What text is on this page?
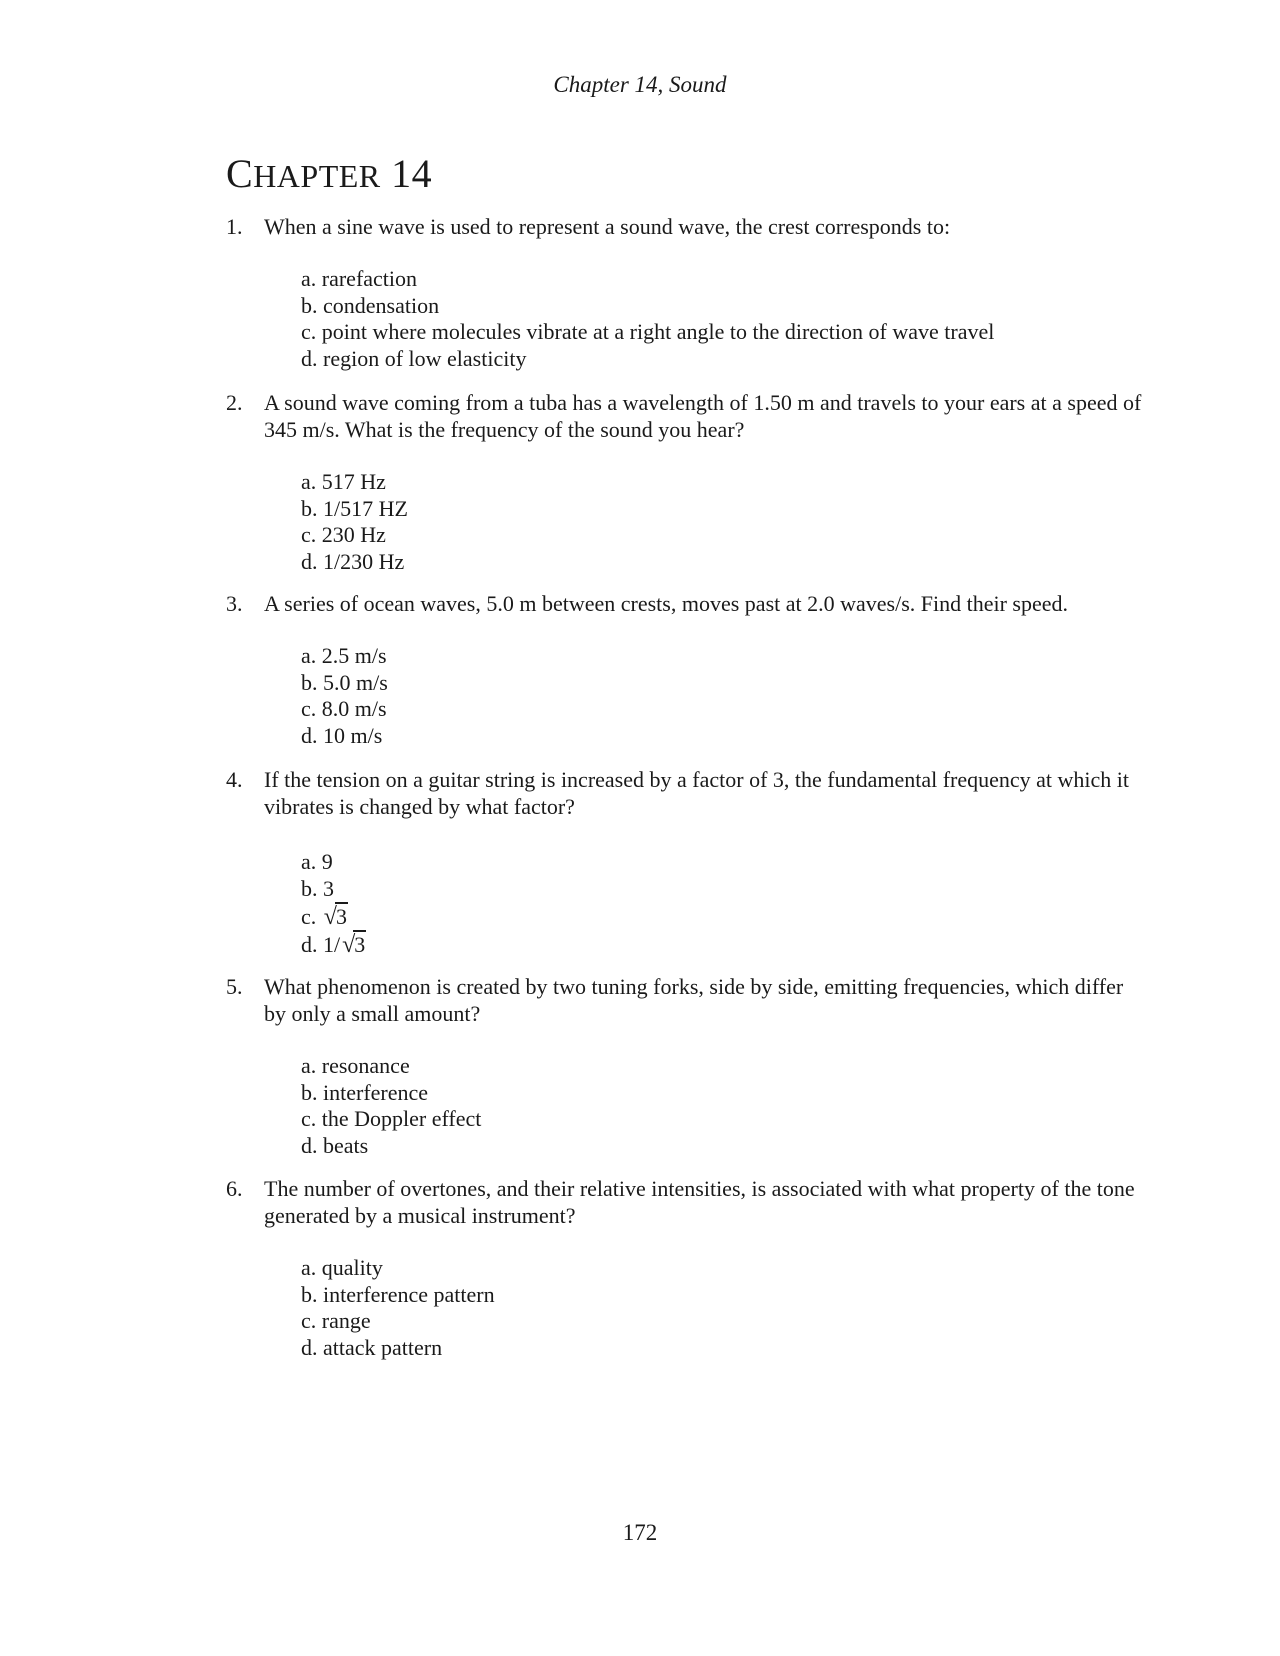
Chapter 14, Sound
CHAPTER 14
1. When a sine wave is used to represent a sound wave, the crest corresponds to:
a. rarefaction
b. condensation
c. point where molecules vibrate at a right angle to the direction of wave travel
d. region of low elasticity
2. A sound wave coming from a tuba has a wavelength of 1.50 m and travels to your ears at a speed of 345 m/s. What is the frequency of the sound you hear?
a. 517 Hz
b. 1/517 HZ
c. 230 Hz
d. 1/230 Hz
3. A series of ocean waves, 5.0 m between crests, moves past at 2.0 waves/s. Find their speed.
a. 2.5 m/s
b. 5.0 m/s
c. 8.0 m/s
d. 10 m/s
4. If the tension on a guitar string is increased by a factor of 3, the fundamental frequency at which it vibrates is changed by what factor?
a. 9
b. 3
c. √3
d. 1/√3
5. What phenomenon is created by two tuning forks, side by side, emitting frequencies, which differ by only a small amount?
a. resonance
b. interference
c. the Doppler effect
d. beats
6. The number of overtones, and their relative intensities, is associated with what property of the tone generated by a musical instrument?
a. quality
b. interference pattern
c. range
d. attack pattern
172
